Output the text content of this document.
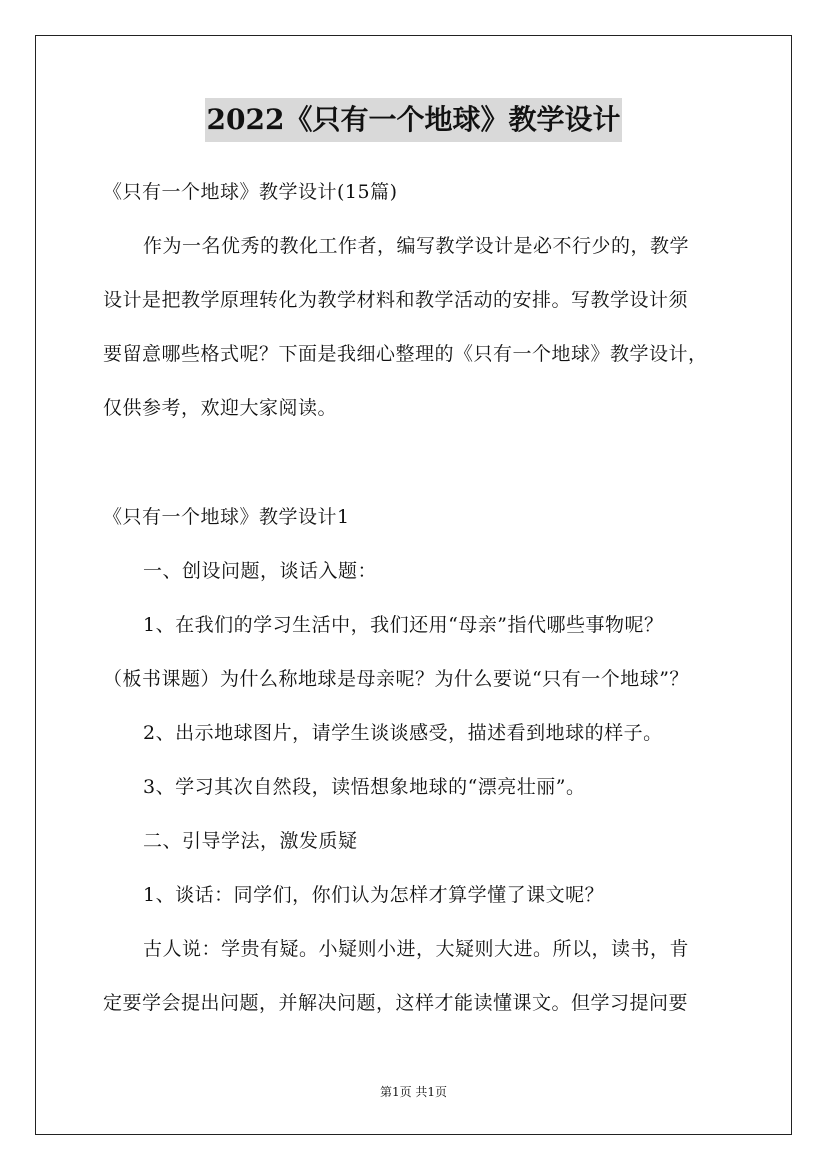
2022《只有一个地球》教学设计
《只有一个地球》教学设计(15篇)
作为一名优秀的教化工作者，编写教学设计是必不行少的，教学
设计是把教学原理转化为教学材料和教学活动的安排。写教学设计须
要留意哪些格式呢？下面是我细心整理的《只有一个地球》教学设计，
仅供参考，欢迎大家阅读。
《只有一个地球》教学设计1
一、创设问题，谈话入题：
1、在我们的学习生活中，我们还用“母亲”指代哪些事物呢？
（板书课题）为什么称地球是母亲呢？为什么要说“只有一个地球”？
2、出示地球图片，请学生谈谈感受，描述看到地球的样子。
3、学习其次自然段，读悟想象地球的“漂亮壮丽”。
二、引导学法，激发质疑
1、谈话：同学们，你们认为怎样才算学懂了课文呢？
古人说：学贵有疑。小疑则小进，大疑则大进。所以，读书，肯
定要学会提出问题，并解决问题，这样才能读懂课文。但学习提问要
第1页 共1页
